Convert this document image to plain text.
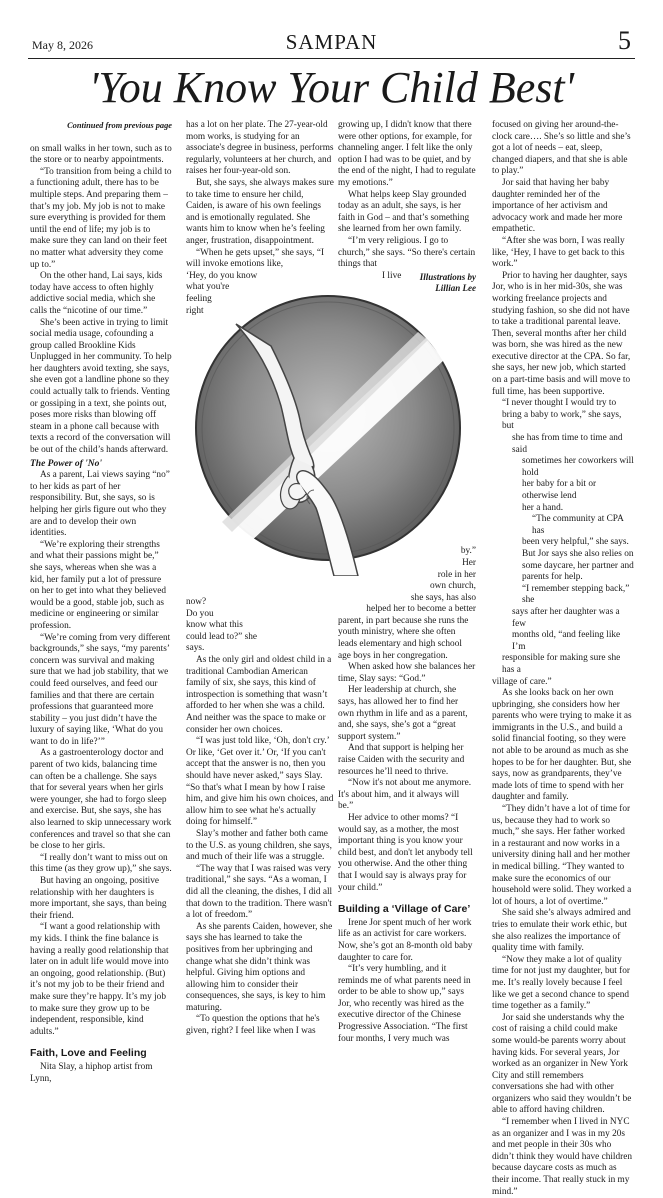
May 8, 2026	SAMPAN	5
'You Know Your Child Best'
Illustrations by
Lillian Lee

Continued from previous page

on small walks in her town, such as to the store or to nearby appointments.

“To transition from being a child to a functioning adult, there has to be multiple steps. And preparing them – that’s my job. My job is not to make sure everything is provided for them until the end of life; my job is to make sure they can land on their feet no matter what adversity they come up to.”

On the other hand, Lai says, kids today have access to often highly addictive social media, which she calls the “nicotine of our time.”

She’s been active in trying to limit social media usage, cofounding a group called Brookline Kids Unplugged in her community. To help her daughters avoid texting, she says, she even got a landline phone so they could actually talk to friends. Venting or gossiping in a text, she points out, poses more risks than blowing off steam in a phone call because with texts a record of the conversation will be out of the child’s hands afterward.

The Power of 'No'

As a parent, Lai views saying “no” to her kids as part of her responsibility. But, she says, so is helping her girls figure out who they are and to develop their own identities.

“We’re exploring their strengths and what their passions might be,” she says, whereas when she was a kid, her family put a lot of pressure on her to get into what they believed would be a good, stable job, such as medicine or engineering or similar profession.

“We’re coming from very different backgrounds,” she says, “my parents’ concern was survival and making sure that we had job stability, that we could feed ourselves, and feed our families and that there are certain professions that guaranteed more stability – you just didn’t have the luxury of saying like, ‘What do you want to do in life?’”

As a gastroenterology doctor and parent of two kids, balancing time can often be a challenge. She says that for several years when her girls were younger, she had to forgo sleep and exercise. But, she says, she has also learned to skip unnecessary work conferences and travel so that she can be close to her girls.

“I really don’t want to miss out on this time (as they grow up),” she says.

But having an ongoing, positive relationship with her daughters is more important, she says, than being their friend.

“I want a good relationship with my kids. I think the fine balance is having a really good relationship that later on in adult life would move into an ongoing, good relationship. (But) it’s not my job to be their friend and make sure they’re happy. It’s my job to make sure they grow up to be independent, responsible, kind adults.”

Faith, Love and Feeling

Nita Slay, a hiphop artist from Lynn,

has a lot on her plate. The 27-year-old mom works, is studying for an associate's degree in business, performs regularly, volunteers at her church, and raises her four-year-old son.

But, she says, she always makes sure to take time to ensure her child, Caiden, is aware of his own feelings and is emotionally regulated. She wants him to know when he’s feeling anger, frustration, disappointment.

“When he gets upset,” she says, “I
will invoke emotions like,
‘Hey, do you know
what you're
feeling
right

now?
Do you
know what this
could lead to?” she
says.

As the only girl and oldest child in a traditional Cambodian American family of six, she says, this kind of introspection is something that wasn’t afforded to her when she was a child. And neither was the space to make or consider her own choices.

“I was just told like, ‘Oh, don't cry.’ Or like, ‘Get over it.’ Or, ‘If you can't accept that the answer is no, then you should have never asked,” says Slay. “So that's what I mean by how I raise him, and give him his own choices, and allow him to see what he's actually doing for himself.”

Slay’s mother and father both came to the U.S. as young children, she says, and much of their life was a struggle.

“The way that I was raised was very traditional,” she says. “As a woman, I did all the cleaning, the dishes, I did all that down to the tradition. There wasn't a lot of freedom.”

As she parents Caiden, however, she says she has learned to take the positives from her upbringing and change what she didn’t think was helpful. Giving him options and allowing him to consider their consequences, she says, is key to him maturing.

“To question the options that he's given, right? I feel like when I was

growing up, I didn't know that there were other options, for example, for channeling anger. I felt like the only option I had was to be quiet, and by the end of the night, I had to regulate my emotions.”

What helps keep Slay grounded today as an adult, she says, is her faith in God – and that’s something she learned from her own family.

“I’m very religious. I go to church,” she says. “So there's certain things that

I live

by.”
Her
role in her
own church,
she says, has also
helped her to become a better

parent, in part because she runs the youth ministry, where she often leads elementary and high school age boys in her congregation.

When asked how she balances her time, Slay says: “God.”

Her leadership at church, she says, has allowed her to find her own rhythm in life and as a parent, and, she says, she’s got a “great support system.”

And that support is helping her raise Caiden with the security and resources he’ll need to thrive.

“Now it's not about me anymore. It's about him, and it always will be.”

Her advice to other moms? “I would say, as a mother, the most important thing is you know your child best, and don't let anybody tell you otherwise. And the other thing that I would say is always pray for your child.”

Building a ‘Village of Care’

Irene Jor spent much of her work life as an activist for care workers. Now, she’s got an 8-month old baby daughter to care for.

“It’s very humbling, and it reminds me of what parents need in order to be able to show up,” says Jor, who recently was hired as the executive director of the Chinese Progressive Association. “The first four months, I very much was

focused on giving her around-the-clock care…. She’s so little and she’s got a lot of needs – eat, sleep, changed diapers, and that she is able to play.”

Jor said that having her baby daughter reminded her of the importance of her activism and advocacy work and made her more empathetic.

“After she was born, I was really like, ‘Hey, I have to get back to this work.”

Prior to having her daughter, says Jor, who is in her mid-30s, she was working freelance projects and studying fashion, so she did not have to take a traditional parental leave. Then, several months after her child was born, she was hired as the new executive director at the CPA. So far, she says, her new job, which started on a part-time basis and will move to full time, has been supportive.

“I never thought I would try to
bring a baby to work,” she says, but
she has from time to time and said
sometimes her coworkers will hold
her baby for a bit or otherwise lend
her a hand.

“The community at CPA has
been very helpful,” she says.
But Jor says she also relies on
some daycare, her partner and
parents for help.

“I remember stepping back,” she
says after her daughter was a few
months old, “and feeling like I’m
responsible for making sure she has a
village of care.”

As she looks back on her own upbringing, she considers how her parents who were trying to make it as immigrants in the U.S., and build a solid financial footing, so they were not able to be around as much as she hopes to be for her daughter. But, she says, now as grandparents, they’ve made lots of time to spend with her daughter and family.

“They didn’t have a lot of time for us, because they had to work so much,” she says. Her father worked in a restaurant and now works in a university dining hall and her mother in medical billing. “They wanted to make sure the economics of our household were solid. They worked a lot of hours, a lot of overtime.”

She said she’s always admired and tries to emulate their work ethic, but she also realizes the importance of quality time with family.

“Now they make a lot of quality time for not just my daughter, but for me. It’s really lovely because I feel like we get a second chance to spend time together as a family.”

Jor said she understands why the cost of raising a child could make some would-be parents worry about having kids. For several years, Jor worked as an organizer in New York City and still remembers conversations she had with other organizers who said they wouldn’t be able to afford having children.

“I remember when I lived in NYC as an organizer and I was in my 20s and met people in their 30s who didn’t think they would have children because daycare costs as much as their income. That really stuck in my mind.”
